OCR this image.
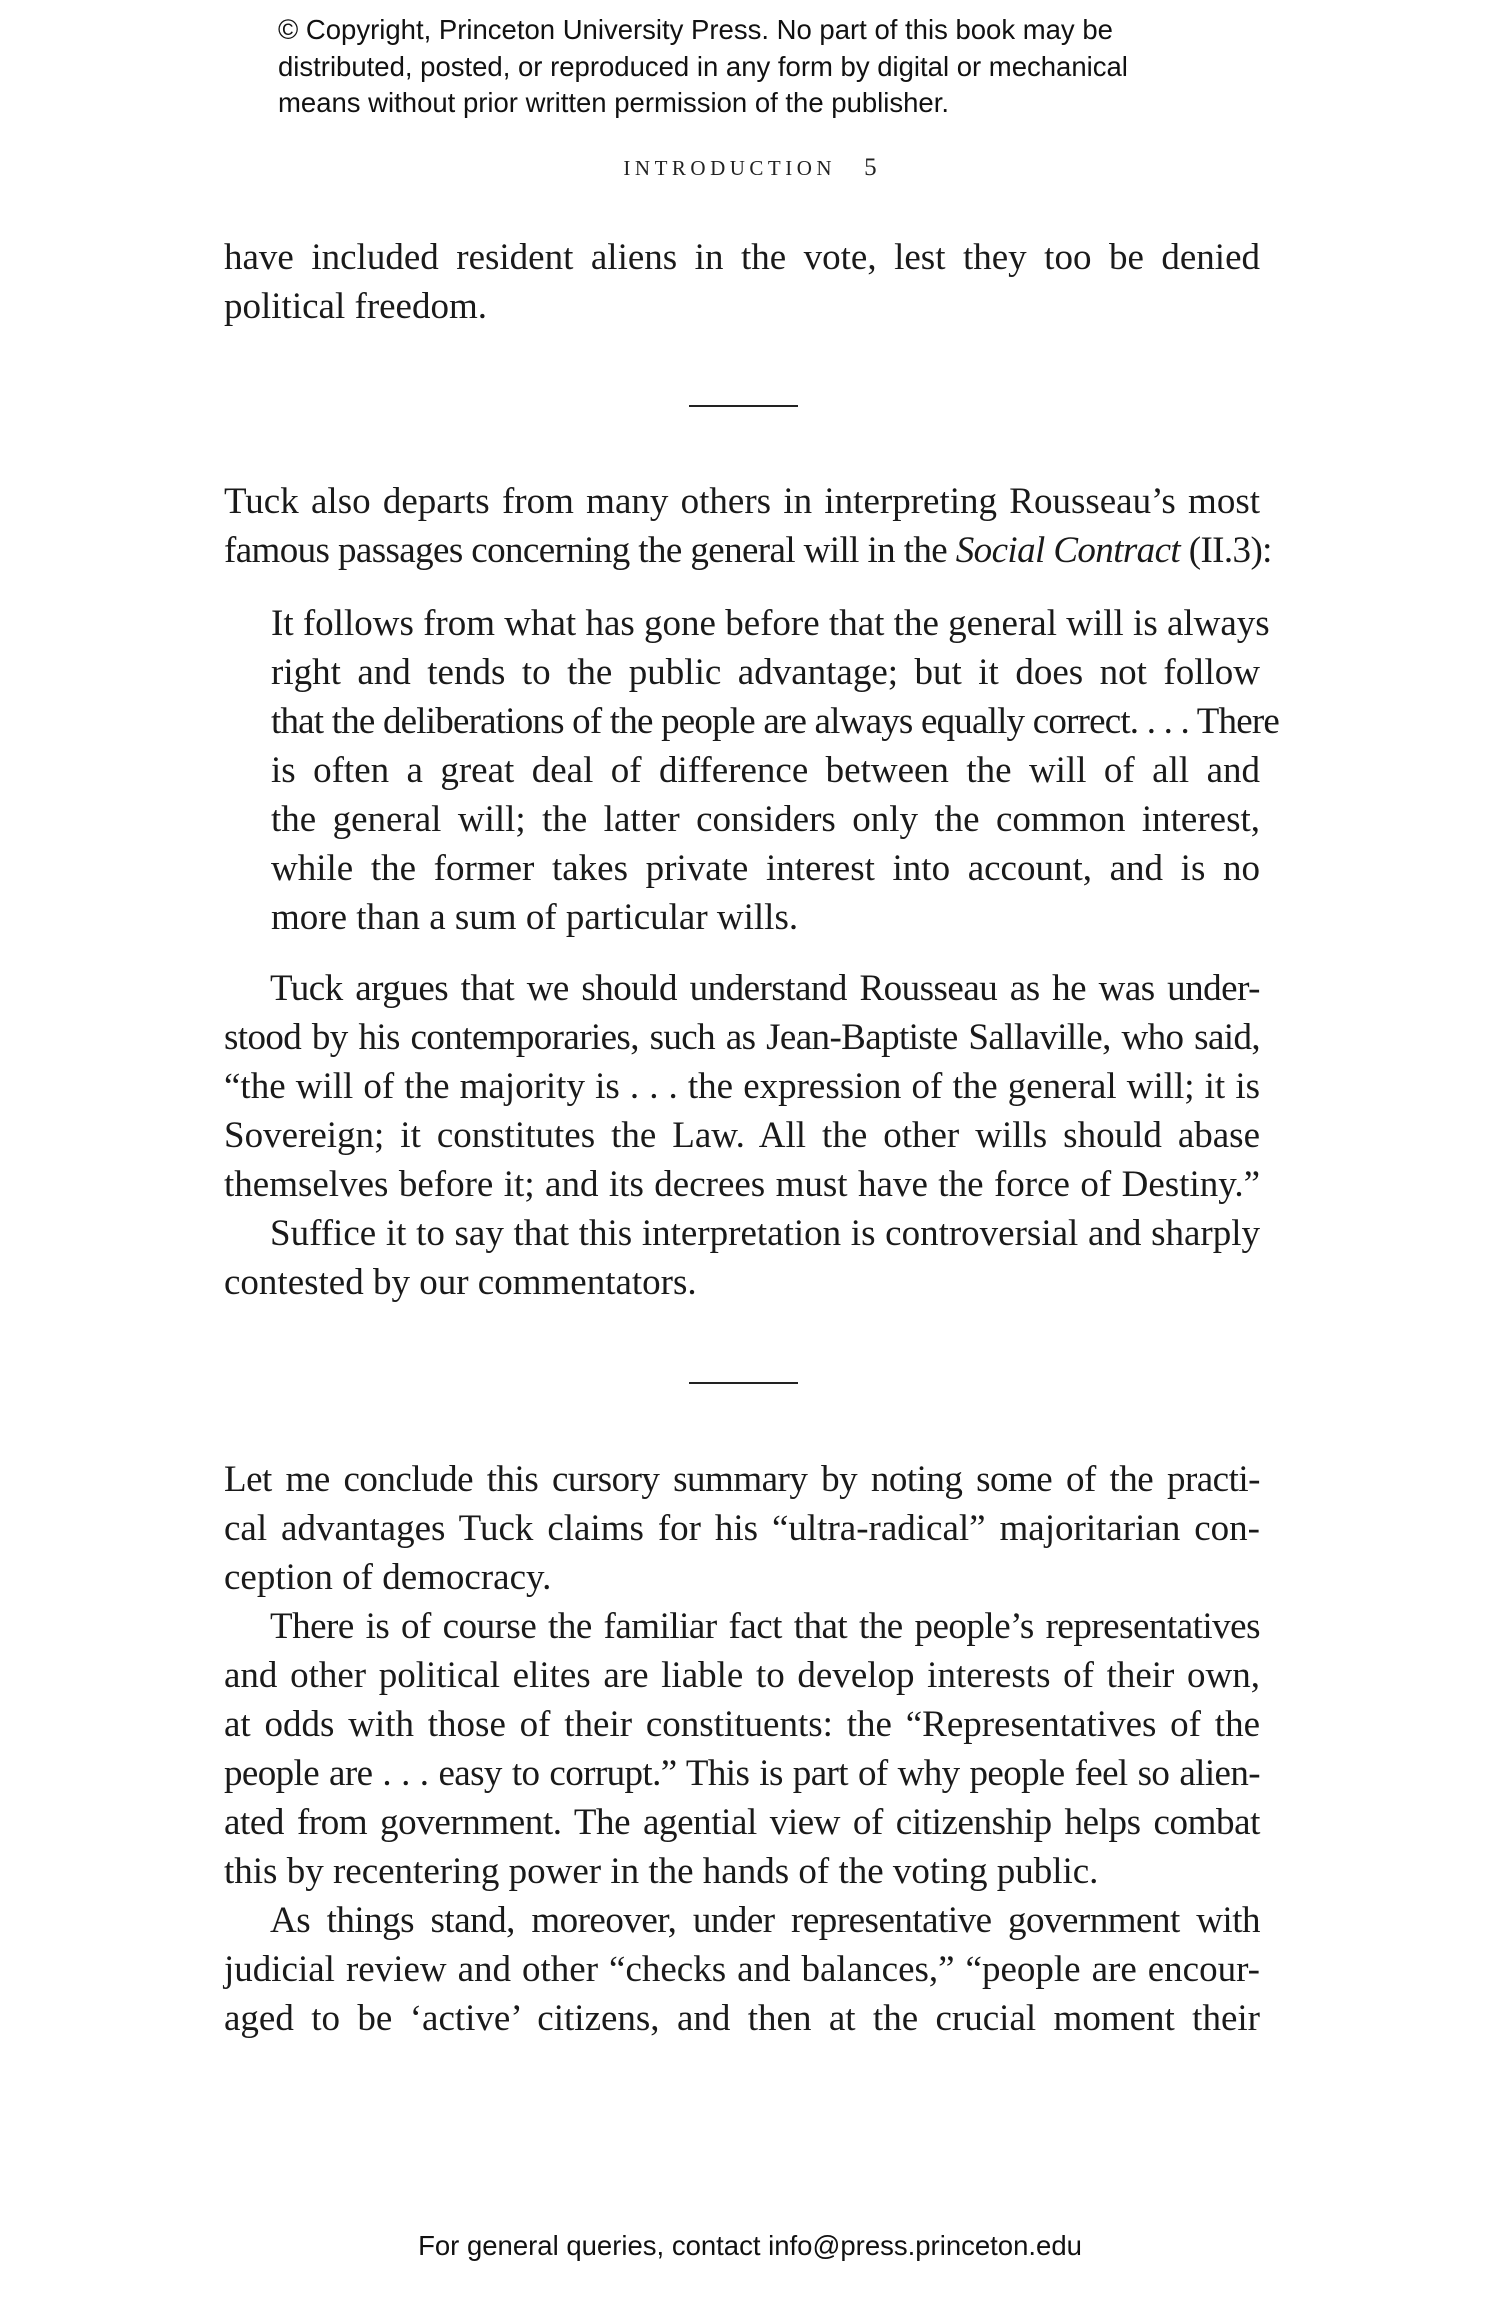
© Copyright, Princeton University Press. No part of this book may be
distributed, posted, or reproduced in any form by digital or mechanical
means without prior written permission of the publisher.
INTRODUCTION 5
have included resident aliens in the vote, lest they too be denied
political freedom.
Tuck also departs from many others in interpreting Rousseau’s most
famous passages concerning the general will in the Social Contract (II.3):
It follows from what has gone before that the general will is always
right and tends to the public advantage; but it does not follow
that the deliberations of the people are always equally correct. . . . There
is often a great deal of difference between the will of all and
the general will; the latter considers only the common interest,
while the former takes private interest into account, and is no
more than a sum of particular wills.
Tuck argues that we should understand Rousseau as he was under-
stood by his contemporaries, such as Jean-Baptiste Sallaville, who said,
“the will of the majority is . . . the expression of the general will; it is
Sovereign; it constitutes the Law. All the other wills should abase
themselves before it; and its decrees must have the force of Destiny.”
Suffice it to say that this interpretation is controversial and sharply
contested by our commentators.
Let me conclude this cursory summary by noting some of the practi-
cal advantages Tuck claims for his “ultra-radical” majoritarian con-
ception of democracy.
There is of course the familiar fact that the people’s representatives
and other political elites are liable to develop interests of their own,
at odds with those of their constituents: the “Representatives of the
people are . . . easy to corrupt.” This is part of why people feel so alien-
ated from government. The agential view of citizenship helps combat
this by recentering power in the hands of the voting public.
As things stand, moreover, under representative government with
judicial review and other “checks and balances,” “people are encour-
aged to be ‘active’ citizens, and then at the crucial moment their
For general queries, contact info@press.princeton.edu
